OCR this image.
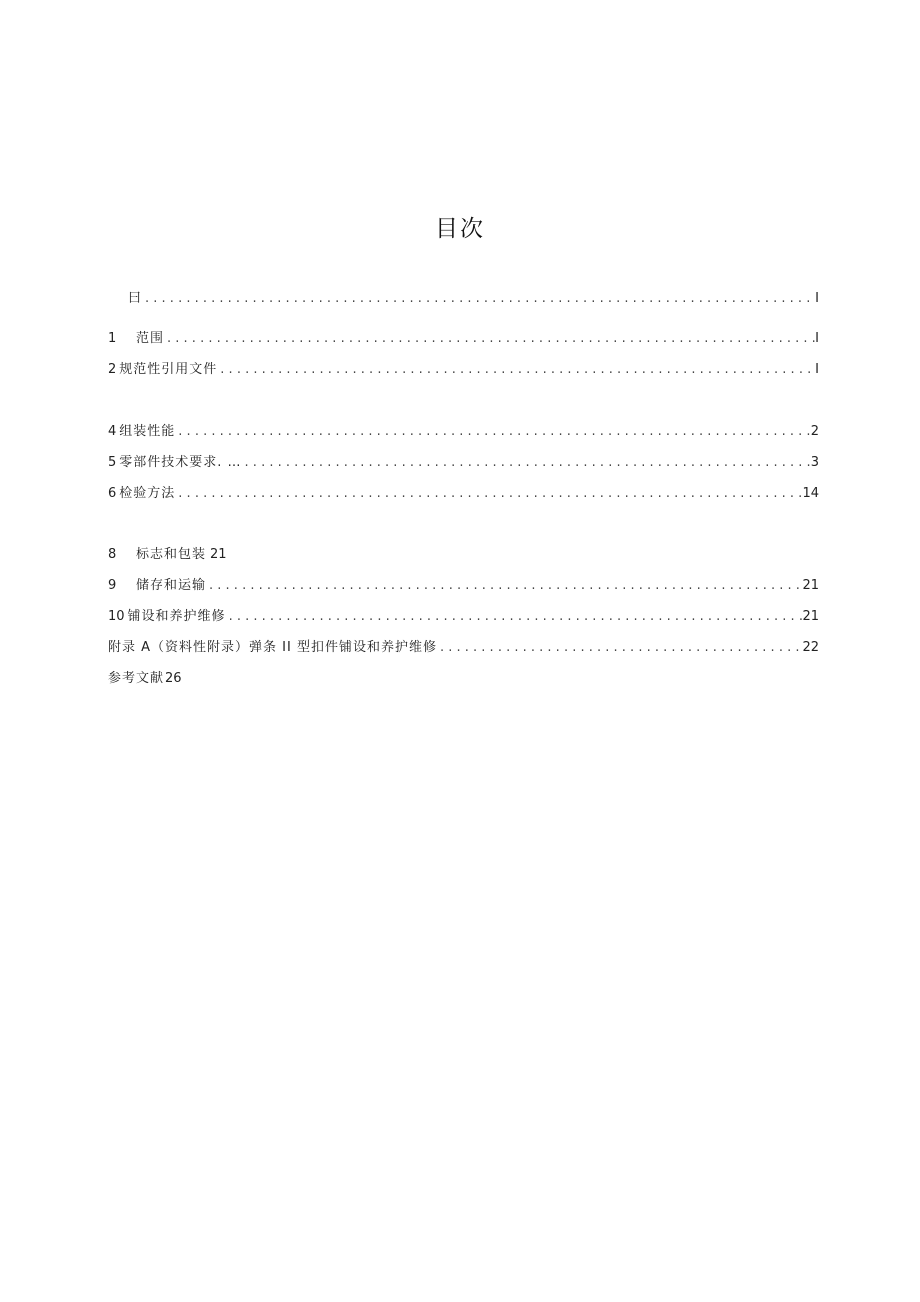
目次
曰 . . .	I
1	范围 . . .	I
2 规范性引用文件 . . .	I
4 组装性能 . . .	2
5 零部件技术要求. … . . .	3
6 检验方法 . . .	14
8	标志和包装 21
9	储存和运输 . . .	21
10 铺设和养护维修 . . .	21
附录 A（资料性附录）弹条 II 型扣件铺设和养护维修 . . .	22
参考文献 26
